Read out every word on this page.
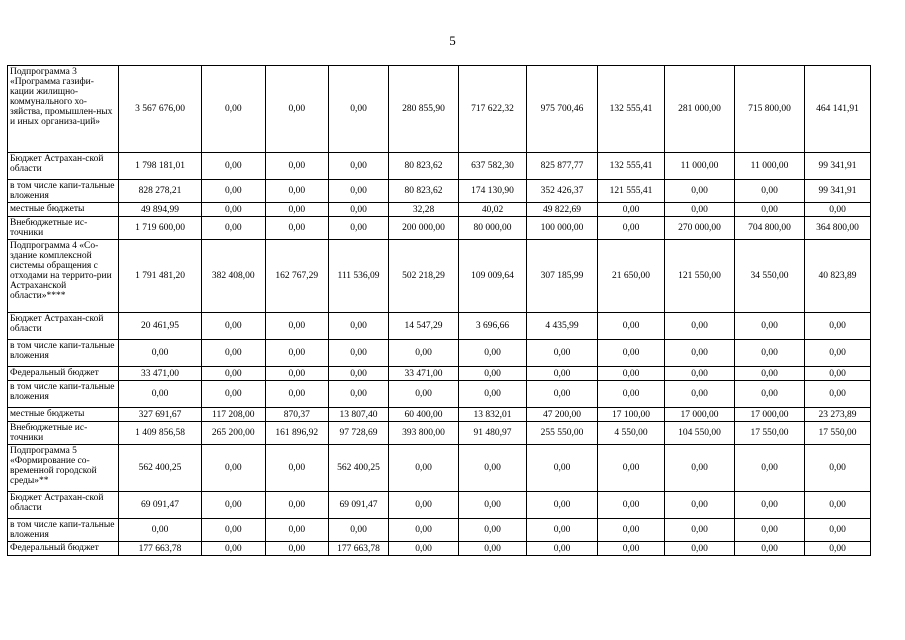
5
Подпрограмма 3 «Программа газифи-кации жилищно-коммунального хо-зяйства, промышлен-ных и иных организа-ций»	3 567 676,00	0,00	0,00	0,00	280 855,90	717 622,32	975 700,46	132 555,41	281 000,00	715 800,00	464 141,91
Бюджет Астрахан-ской области	1 798 181,01	0,00	0,00	0,00	80 823,62	637 582,30	825 877,77	132 555,41	11 000,00	11 000,00	99 341,91
в том числе капи-тальные вложения	828 278,21	0,00	0,00	0,00	80 823,62	174 130,90	352 426,37	121 555,41	0,00	0,00	99 341,91
местные бюджеты	49 894,99	0,00	0,00	0,00	32,28	40,02	49 822,69	0,00	0,00	0,00	0,00
Внебюджетные ис-точники	1 719 600,00	0,00	0,00	0,00	200 000,00	80 000,00	100 000,00	0,00	270 000,00	704 800,00	364 800,00
Подпрограмма 4 «Со-здание комплексной системы обращения с отходами на террито-рии Астраханской области»****	1 791 481,20	382 408,00	162 767,29	111 536,09	502 218,29	109 009,64	307 185,99	21 650,00	121 550,00	34 550,00	40 823,89
Бюджет Астрахан-ской области	20 461,95	0,00	0,00	0,00	14 547,29	3 696,66	4 435,99	0,00	0,00	0,00	0,00
в том числе капи-тальные вложения	0,00	0,00	0,00	0,00	0,00	0,00	0,00	0,00	0,00	0,00	0,00
Федеральный бюджет	33 471,00	0,00	0,00	0,00	33 471,00	0,00	0,00	0,00	0,00	0,00	0,00
в том числе капи-тальные вложения	0,00	0,00	0,00	0,00	0,00	0,00	0,00	0,00	0,00	0,00	0,00
местные бюджеты	327 691,67	117 208,00	870,37	13 807,40	60 400,00	13 832,01	47 200,00	17 100,00	17 000,00	17 000,00	23 273,89
Внебюджетные ис-точники	1 409 856,58	265 200,00	161 896,92	97 728,69	393 800,00	91 480,97	255 550,00	4 550,00	104 550,00	17 550,00	17 550,00
Подпрограмма 5 «Формирование со-временной городской среды»**	562 400,25	0,00	0,00	562 400,25	0,00	0,00	0,00	0,00	0,00	0,00	0,00
Бюджет Астрахан-ской области	69 091,47	0,00	0,00	69 091,47	0,00	0,00	0,00	0,00	0,00	0,00	0,00
в том числе капи-тальные вложения	0,00	0,00	0,00	0,00	0,00	0,00	0,00	0,00	0,00	0,00	0,00
Федеральный бюджет	177 663,78	0,00	0,00	177 663,78	0,00	0,00	0,00	0,00	0,00	0,00	0,00
